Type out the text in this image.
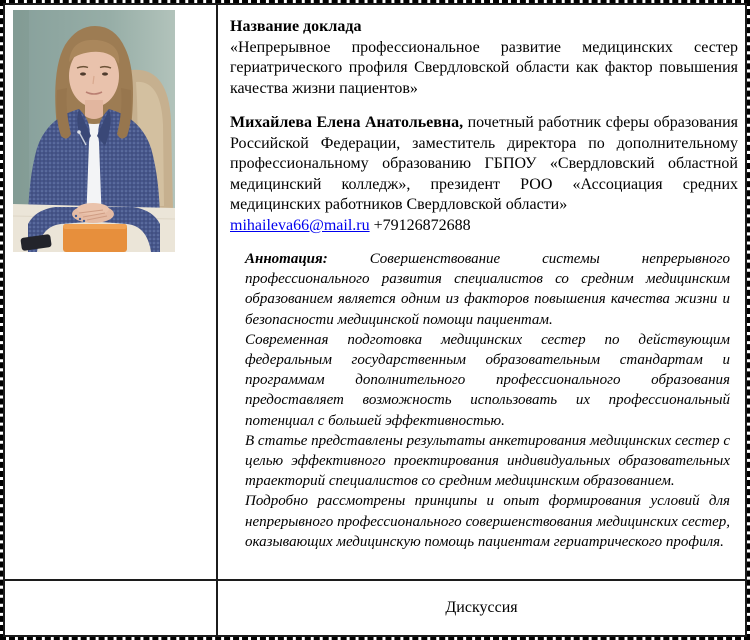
Название доклада

«Непрерывное профессиональное развитие медицинских сестер гериатрического профиля Свердловской области как фактор повышения качества жизни пациентов»

Михайлева Елена Анатольевна, почетный работник сферы образования Российской Федерации, заместитель директора по дополнительному профессиональному образованию ГБПОУ «Свердловский областной медицинский колледж», президент РОО «Ассоциация средних медицинских работников Свердловской области»

mihaileva66@mail.ru +79126872688

Аннотация:	Совершенствование системы непрерывного профессионального развития специалистов со средним медицинским образованием является одним из факторов повышения качества жизни и безопасности медицинской помощи пациентам.

Современная подготовка медицинских сестер по действующим федеральным государственным образовательным стандартам и программам дополнительного профессионального образования предоставляет возможность использовать их профессиональный потенциал с большей эффективностью.

В статье представлены результаты анкетирования медицинских сестер с целью эффективного проектирования индивидуальных образовательных траекторий специалистов со средним медицинским образованием.

Подробно рассмотрены принципы и опыт формирования условий для непрерывного профессионального совершенствования медицинских сестер, оказывающих медицинскую помощь пациентам гериатрического профиля.

Дискуссия
